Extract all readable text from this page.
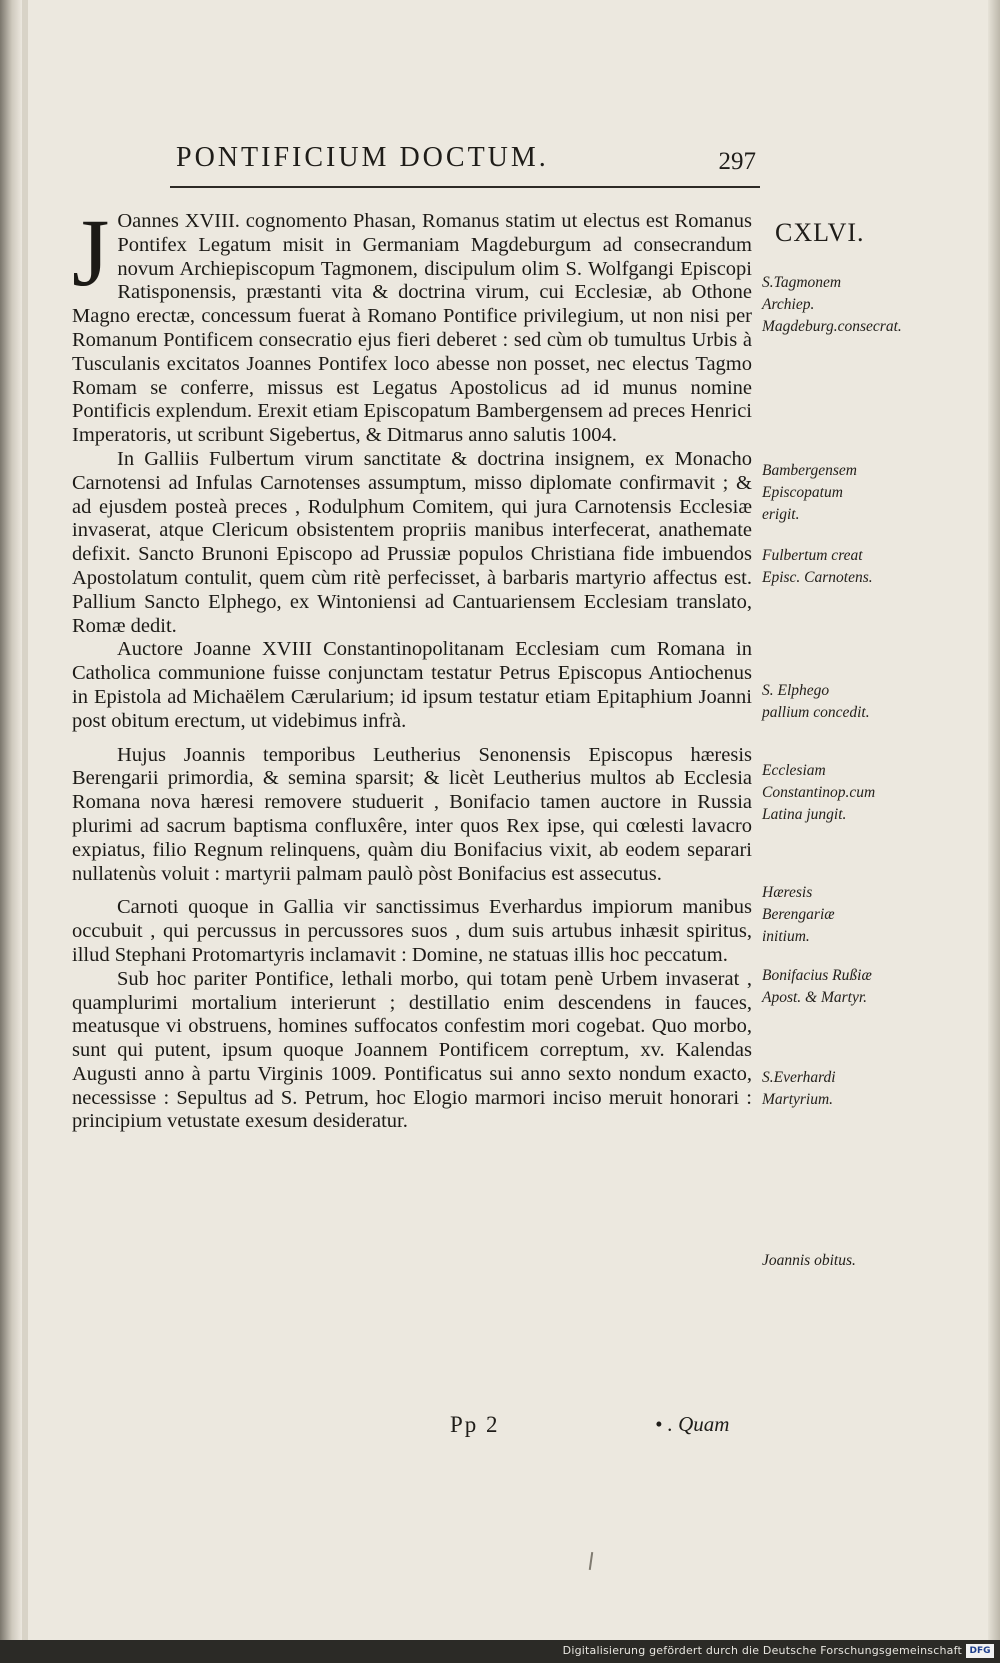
PONTIFICIUM DOCTUM.	297
CXLVI.

J Oannes XVIII. cognomento Phasan, Romanus statim ut electus est Romanus Pontifex Legatum misit in Germaniam Magdeburgum ad consecrandum novum Archiepiscopum Tagmonem, discipulum olim S. Wolfgangi Episcopi Ratisponensis, præstanti vita & doctrina virum, cui Ecclesiæ, ab Othone Magno erectæ, concessum fuerat à Romano Pontifice privilegium, ut non nisi per Romanum Pontificem consecratio ejus fieri deberet : sed cùm ob tumultus Urbis à Tusculanis excitatos Joannes Pontifex loco abesse non posset, nec electus Tagmo Romam se conferre, missus est Legatus Apostolicus ad id munus nomine Pontificis explendum. Erexit etiam Episcopatum Bambergensem ad preces Henrici Imperatoris, ut scribunt Sigebertus, & Ditmarus anno salutis 1004.

In Galliis Fulbertum virum sanctitate & doctrina insignem, ex Monacho Carnotensi ad Infulas Carnotenses assumptum, misso diplomate confirmavit ; & ad ejusdem posteà preces , Rodulphum Comitem, qui jura Carnotensis Ecclesiæ invaserat, atque Clericum obsistentem propriis manibus interfecerat, anathemate defixit. Sancto Brunoni Episcopo ad Prussiæ populos Christiana fide imbuendos Apostolatum contulit, quem cùm ritè perfecisset, à barbaris martyrio affectus est. Pallium Sancto Elphego, ex Wintoniensi ad Cantuariensem Ecclesiam translato, Romæ dedit.

Auctore Joanne XVIII Constantinopolitanam Ecclesiam cum Romana in Catholica communione fuisse conjunctam testatur Petrus Episcopus Antiochenus in Epistola ad Michaëlem Cærularium; id ipsum testatur etiam Epitaphium Joanni post obitum erectum, ut videbimus infrà.

Hujus Joannis temporibus Leutherius Senonensis Episcopus hæresis Berengarii primordia, & semina sparsit; & licèt Leutherius multos ab Ecclesia Romana nova hæresi removere studuerit , Bonifacio tamen auctore in Russia plurimi ad sacrum baptisma confluxêre, inter quos Rex ipse, qui cœlesti lavacro expiatus, filio Regnum relinquens, quàm diu Bonifacius vixit, ab eodem separari nullatenùs voluit : martyrii palmam paulò pòst Bonifacius est assecutus.

Carnoti quoque in Gallia vir sanctissimus Everhardus impiorum manibus occubuit , qui percussus in percussores suos , dum suis artubus inhæsit spiritus, illud Stephani Protomartyris inclamavit : Domine, ne statuas illis hoc peccatum.

Sub hoc pariter Pontifice, lethali morbo, qui totam penè Urbem invaserat , quamplurimi mortalium interierunt ; destillatio enim descendens in fauces, meatusque vi obstruens, homines suffocatos confestim mori cogebat. Quo morbo, sunt qui putent, ipsum quoque Joannem Pontificem correptum, xv. Kalendas Augusti anno à partu Virginis 1009. Pontificatus sui anno sexto nondum exacto, necessisse : Sepultus ad S. Petrum, hoc Elogio marmori inciso meruit honorari : principium vetustate exesum desideratur.

S.Tagmonem Archiep. Magdeburg.consecrat.
Bambergensem Episcopatum erigit.
Fulbertum creat Episc. Carnotens.
S. Elphego pallium concedit.
Ecclesiam Constantinop.cum Latina jungit.
Hæresis Berengariæ initium.
Bonifacius Rußiæ Apost. & Martyr.
S.Everhardi Martyrium.
Joannis obitus.
Pp 2	• . Quam
Digitalisierung gefördert durch die Deutsche Forschungsgemeinschaft DFG
